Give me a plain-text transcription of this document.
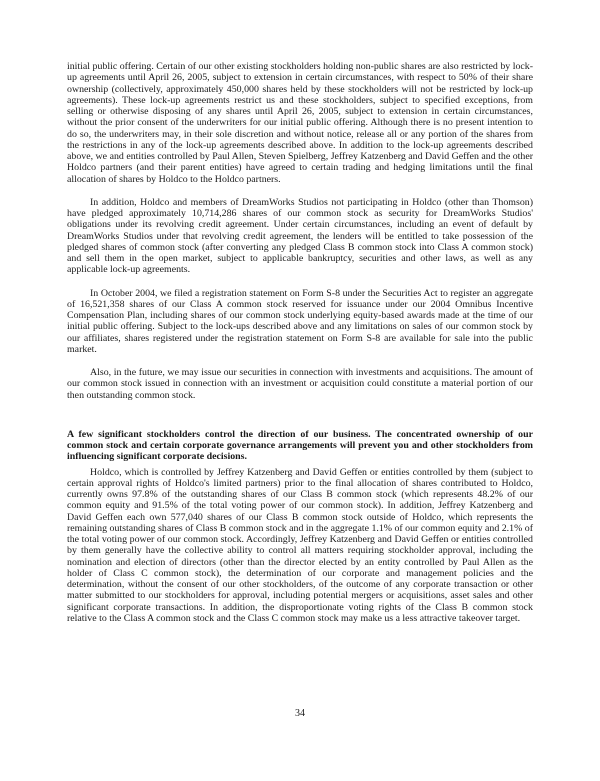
initial public offering. Certain of our other existing stockholders holding non-public shares are also restricted by lock-up agreements until April 26, 2005, subject to extension in certain circumstances, with respect to 50% of their share ownership (collectively, approximately 450,000 shares held by these stockholders will not be restricted by lock-up agreements). These lock-up agreements restrict us and these stockholders, subject to specified exceptions, from selling or otherwise disposing of any shares until April 26, 2005, subject to extension in certain circumstances, without the prior consent of the underwriters for our initial public offering. Although there is no present intention to do so, the underwriters may, in their sole discretion and without notice, release all or any portion of the shares from the restrictions in any of the lock-up agreements described above. In addition to the lock-up agreements described above, we and entities controlled by Paul Allen, Steven Spielberg, Jeffrey Katzenberg and David Geffen and the other Holdco partners (and their parent entities) have agreed to certain trading and hedging limitations until the final allocation of shares by Holdco to the Holdco partners.

In addition, Holdco and members of DreamWorks Studios not participating in Holdco (other than Thomson) have pledged approximately 10,714,286 shares of our common stock as security for DreamWorks Studios' obligations under its revolving credit agreement. Under certain circumstances, including an event of default by DreamWorks Studios under that revolving credit agreement, the lenders will be entitled to take possession of the pledged shares of common stock (after converting any pledged Class B common stock into Class A common stock) and sell them in the open market, subject to applicable bankruptcy, securities and other laws, as well as any applicable lock-up agreements.

In October 2004, we filed a registration statement on Form S-8 under the Securities Act to register an aggregate of 16,521,358 shares of our Class A common stock reserved for issuance under our 2004 Omnibus Incentive Compensation Plan, including shares of our common stock underlying equity-based awards made at the time of our initial public offering. Subject to the lock-ups described above and any limitations on sales of our common stock by our affiliates, shares registered under the registration statement on Form S-8 are available for sale into the public market.

Also, in the future, we may issue our securities in connection with investments and acquisitions. The amount of our common stock issued in connection with an investment or acquisition could constitute a material portion of our then outstanding common stock.

A few significant stockholders control the direction of our business. The concentrated ownership of our common stock and certain corporate governance arrangements will prevent you and other stockholders from influencing significant corporate decisions.

Holdco, which is controlled by Jeffrey Katzenberg and David Geffen or entities controlled by them (subject to certain approval rights of Holdco's limited partners) prior to the final allocation of shares contributed to Holdco, currently owns 97.8% of the outstanding shares of our Class B common stock (which represents 48.2% of our common equity and 91.5% of the total voting power of our common stock). In addition, Jeffrey Katzenberg and David Geffen each own 577,040 shares of our Class B common stock outside of Holdco, which represents the remaining outstanding shares of Class B common stock and in the aggregate 1.1% of our common equity and 2.1% of the total voting power of our common stock. Accordingly, Jeffrey Katzenberg and David Geffen or entities controlled by them generally have the collective ability to control all matters requiring stockholder approval, including the nomination and election of directors (other than the director elected by an entity controlled by Paul Allen as the holder of Class C common stock), the determination of our corporate and management policies and the determination, without the consent of our other stockholders, of the outcome of any corporate transaction or other matter submitted to our stockholders for approval, including potential mergers or acquisitions, asset sales and other significant corporate transactions. In addition, the disproportionate voting rights of the Class B common stock relative to the Class A common stock and the Class C common stock may make us a less attractive takeover target.

34
